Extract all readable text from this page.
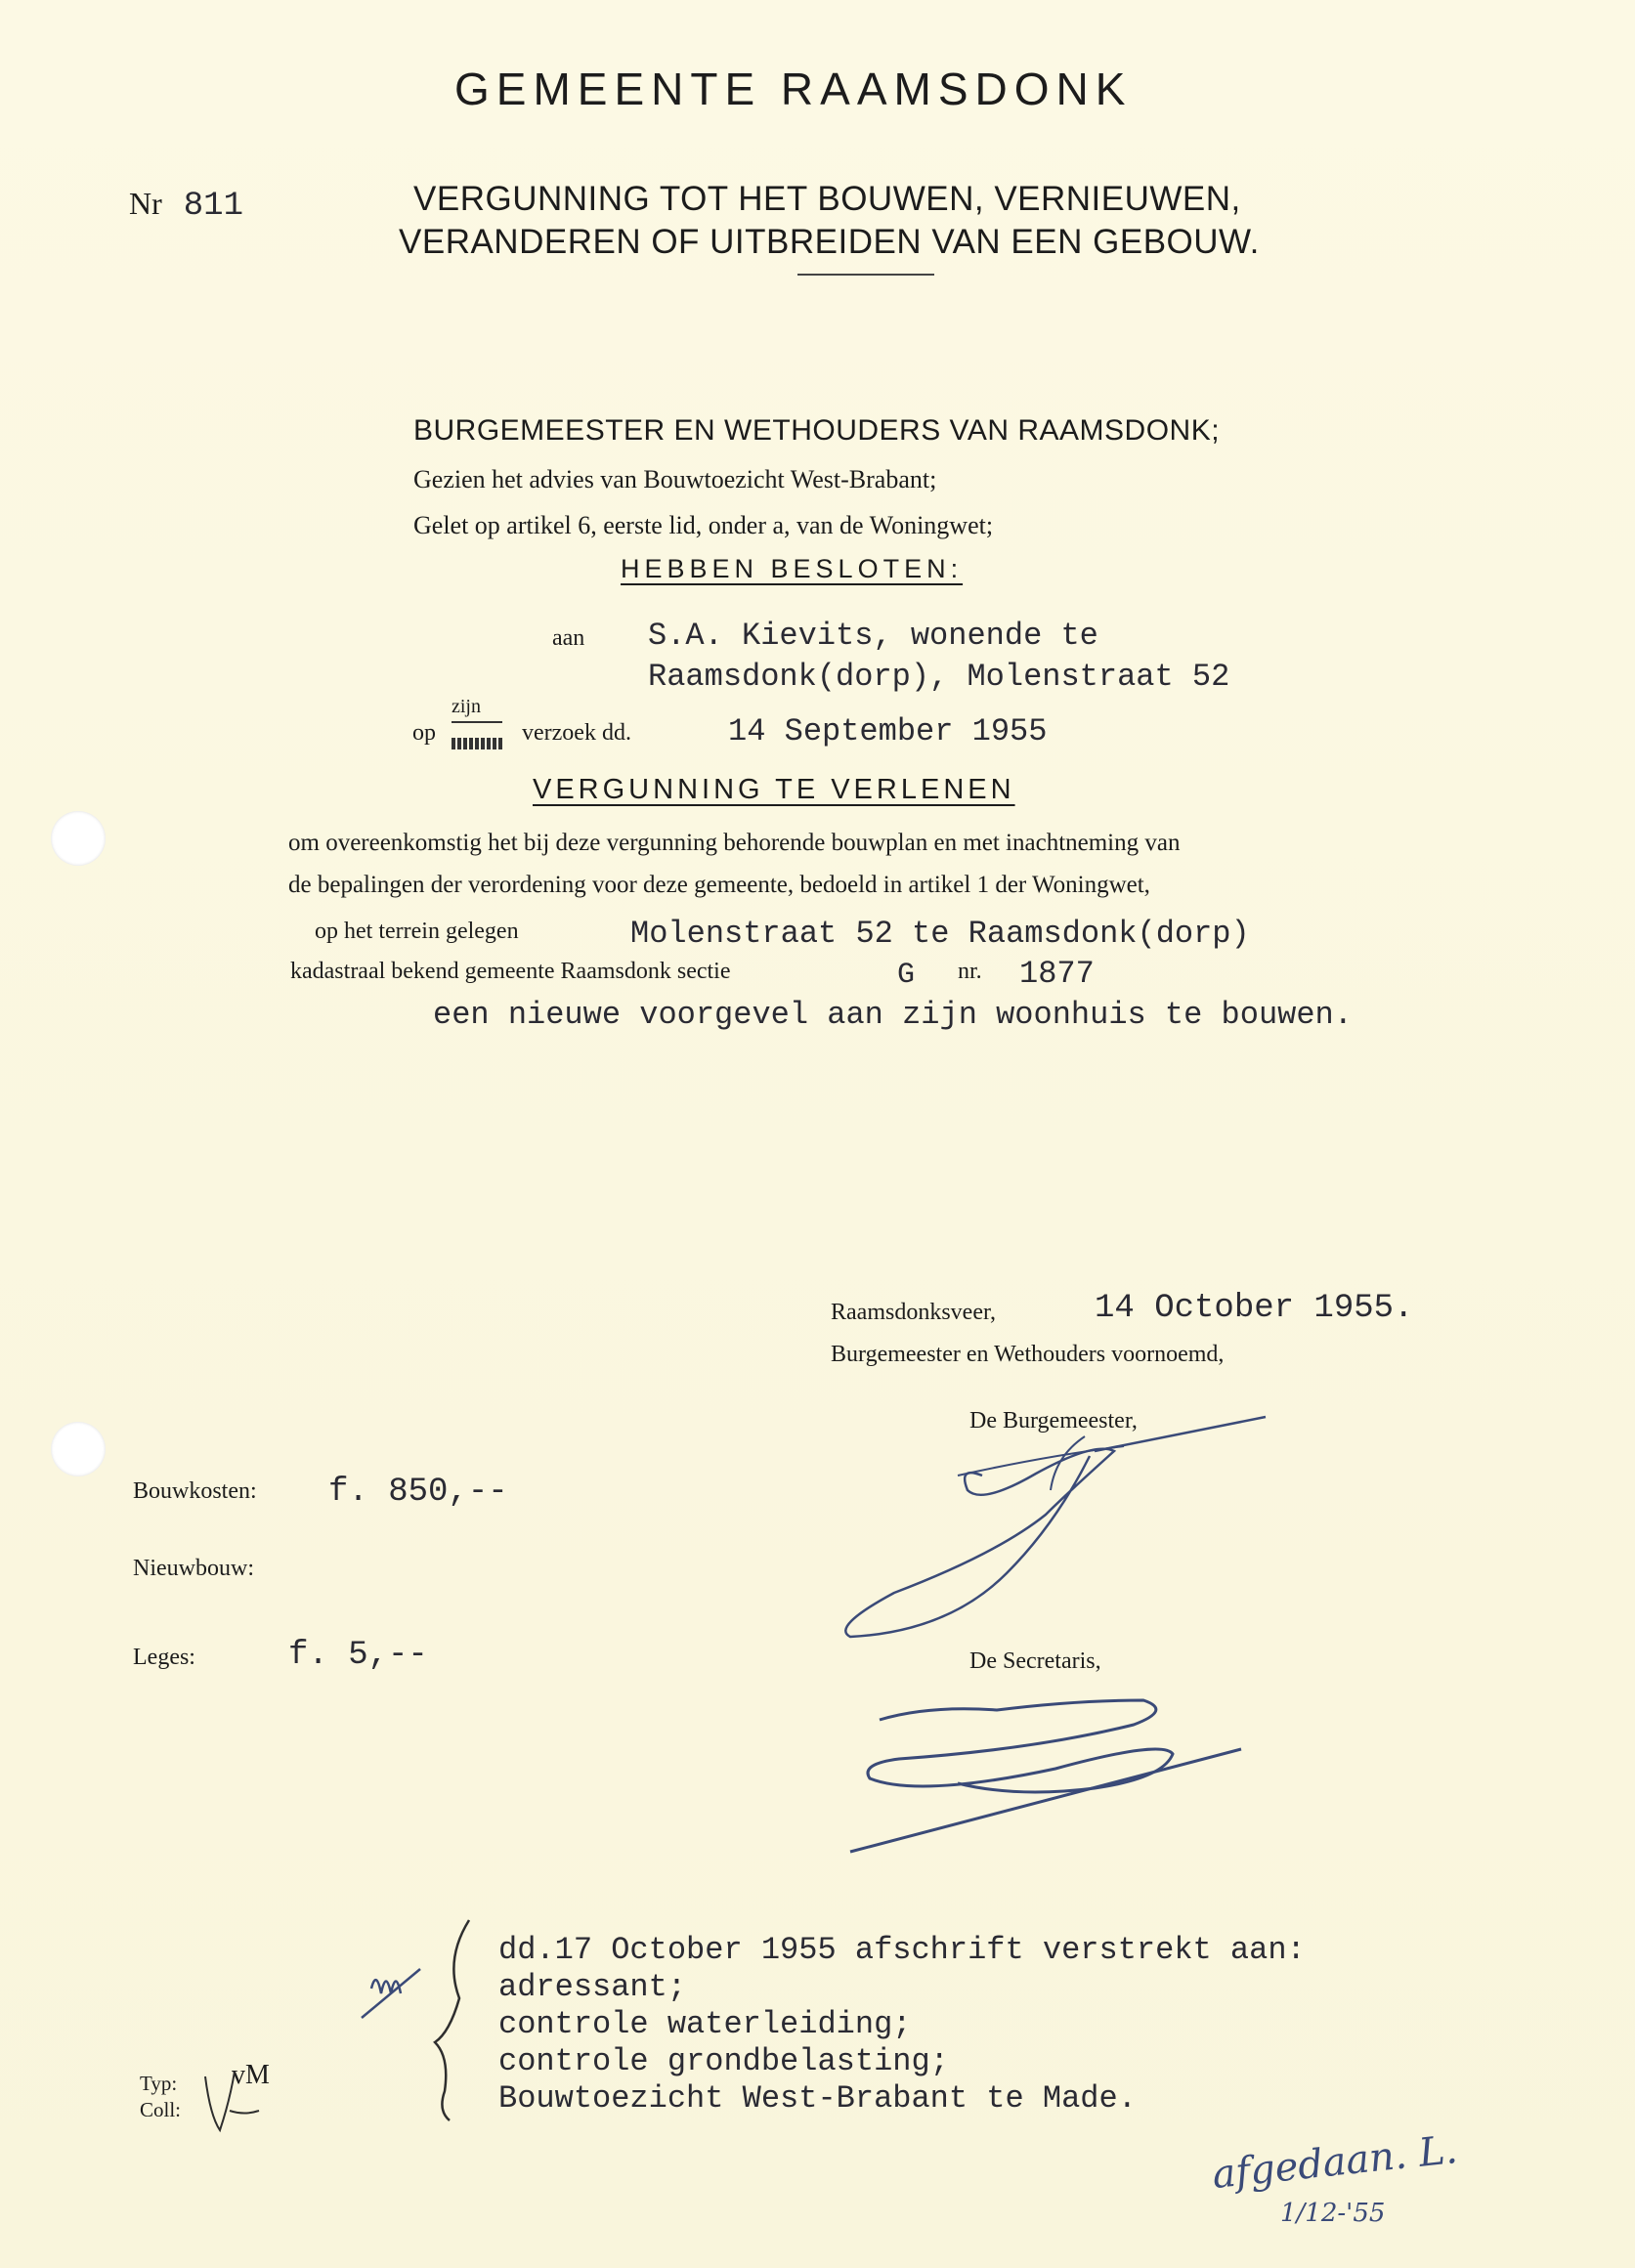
GEMEENTE RAAMSDONK
Nr 811	VERGUNNING TOT HET BOUWEN, VERNIEUWEN,
VERANDEREN OF UITBREIDEN VAN EEN GEBOUW.
BURGEMEESTER EN WETHOUDERS VAN RAAMSDONK;
Gezien het advies van Bouwtoezicht West-Brabant;
Gelet op artikel 6, eerste lid, onder a, van de Woningwet;
HEBBEN BESLOTEN:
aan S.A. Kievits, wonende te
Raamsdonk(dorp), Molenstraat 52
op
zijn
verzoek dd.	14 September 1955
VERGUNNING TE VERLENEN
om overeenkomstig het bij deze vergunning behorende bouwplan en met inachtneming van
de bepalingen der verordening voor deze gemeente, bedoeld in artikel 1 der Woningwet,
op het terrein gelegen	Molenstraat 52 te Raamsdonk(dorp)
kadastraal bekend gemeente Raamsdonk sectie	G nr. 1877
een nieuwe voorgevel aan zijn woonhuis te bouwen.
Raamsdonksveer,	14 October 1955.
Burgemeester en Wethouders voornoemd,
De Burgemeester,
De Secretaris,
Bouwkosten: f. 850,--
Nieuwbouw:
Leges:	f. 5,--
dd.17 October 1955 afschrift verstrekt aan:
adressant;
controle waterleiding;
controle grondbelasting;
Bouwtoezicht West-Brabant te Made.
Typ:
Coll:
vM
afgedaan. L.
1/12-'55
